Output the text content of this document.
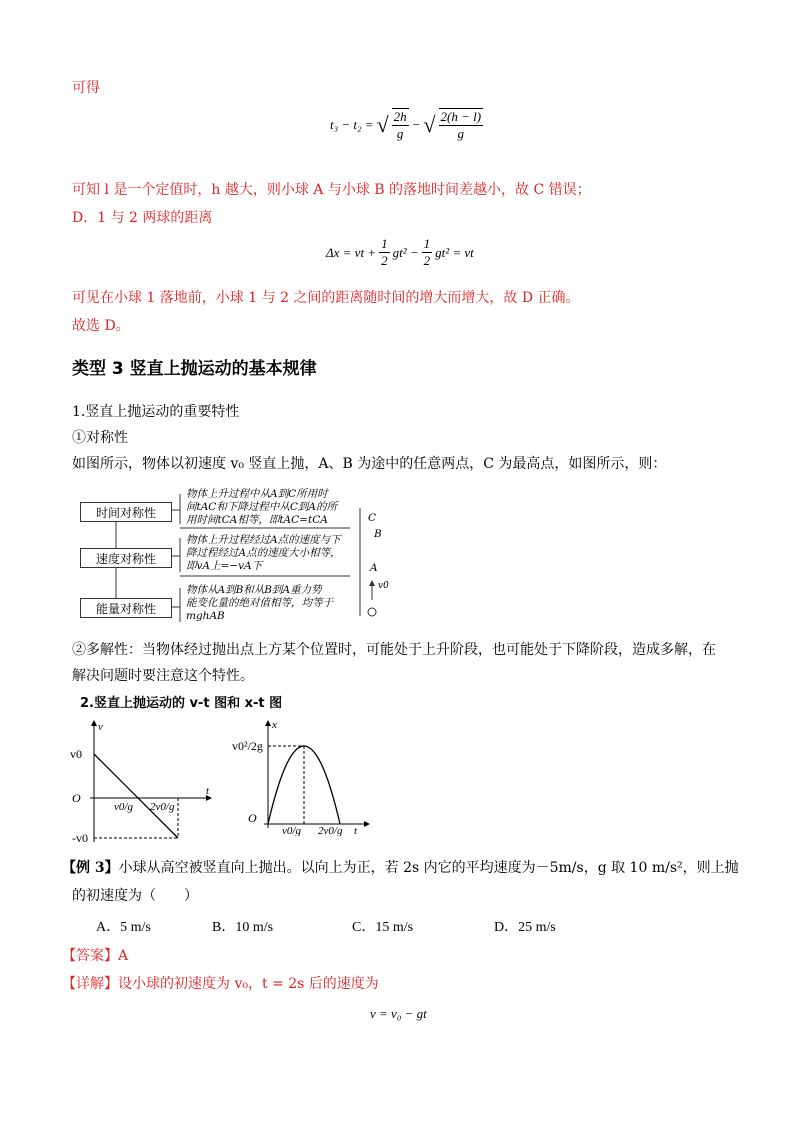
可得
t₃ − t₂ = √ $\frac{2h}{g}$ − √ $\frac{2(h - l)}{g}$
可知 l 是一个定值时，h 越大，则小球 A 与小球 B 的落地时间差越小，故 C 错误；
D．1 与 2 两球的距离
Δx = vt + $\frac{1}{2} gt^2 - \frac{1}{2} gt^2$ = vt
可见在小球 1 落地前，小球 1 与 2 之间的距离随时间的增大而增大，故 D 正确。
故选 D。
类型 3 竖直上抛运动的基本规律
1.竖直上抛运动的重要特性
①对称性
如图所示，物体以初速度 v₀ 竖直上抛，A、B 为途中的任意两点，C 为最高点，如图所示，则：
时间对称性
速度对称性
能量对称性
物体上升过程中从A到C所用时
间tAC和下降过程中从C到A的所
用时间tCA相等，即tAC=tCA
物体上升过程经过A点的速度与下
降过程经过A点的速度大小相等，
即vA上=−vA下
物体从A到B和从B到A重力势
能变化量的绝对值相等，均等于
mghAB
C
B
A
v0
②多解性：当物体经过抛出点上方某个位置时，可能处于上升阶段，也可能处于下降阶段，造成多解，在
解决问题时要注意这个特性。
2.竖直上抛运动的 v-t 图和 x-t 图
v
v0
O
-v0
v0/g 2v0/g
t
x
v0²/2g
O
v0/g 2v0/g t
【例 3】小球从高空被竖直向上抛出。以向上为正，若 2s 内它的平均速度为－5m/s，g 取 10 m/s²，则上抛
的初速度为（　　）
A．5 m/s	B．10 m/s	C．15 m/s	D．25 m/s
【答案】A
【详解】设小球的初速度为 v₀，t = 2s 后的速度为
v = v₀ − gt
